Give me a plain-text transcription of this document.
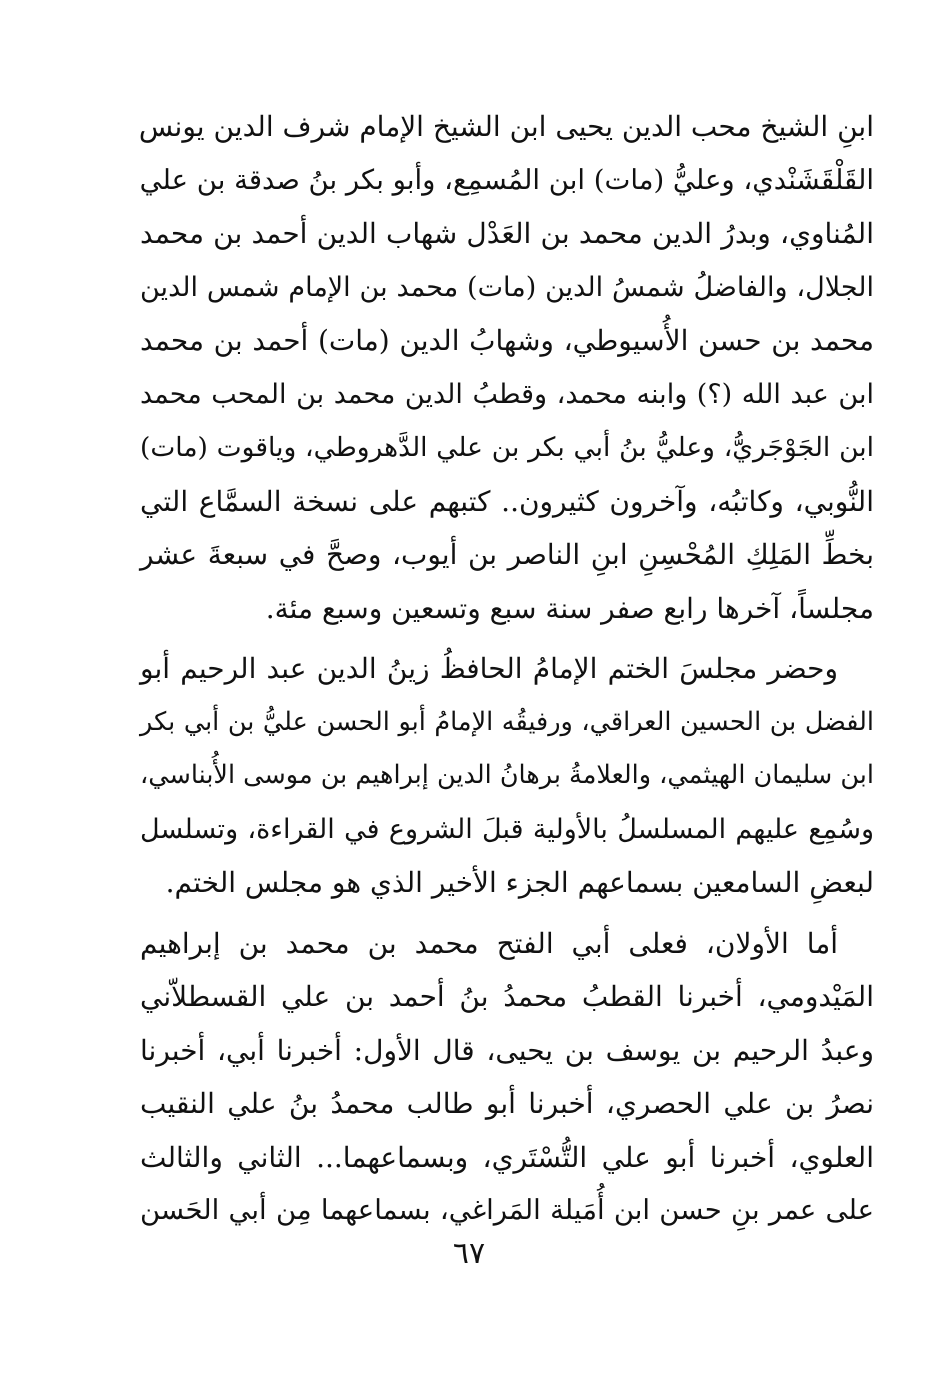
ابنِ الشيخ محب الدين يحيى ابن الشيخ الإمام شرف الدين يونس
القَلْقَشَنْدي، وعليُّ (مات) ابن المُسمِع، وأبو بكر بنُ صدقة بن علي
المُناوي، وبدرُ الدين محمد بن العَدْل شهاب الدين أحمد بن محمد
الجلال، والفاضلُ شمسُ الدين (مات) محمد بن الإمام شمس الدين
محمد بن حسن الأُسيوطي، وشهابُ الدين (مات) أحمد بن محمد
ابن عبد الله (؟) وابنه محمد، وقطبُ الدين محمد بن المحب محمد
ابن الجَوْجَريُّ، وعليُّ بنُ أبي بكر بن علي الدَّهروطي، وياقوت (مات)
النُّوبي، وكاتبُه، وآخرون كثيرون.. كتبهم على نسخة السمَّاع التي
بخطِّ المَلِكِ المُحْسِنِ ابنِ الناصر بن أيوب، وصحَّ في سبعةَ عشر
مجلساً، آخرها رابع صفر سنة سبع وتسعين وسبع مئة.

وحضر مجلسَ الختم الإمامُ الحافظُ زينُ الدين عبد الرحيم أبو
الفضل بن الحسين العراقي، ورفيقُه الإمامُ أبو الحسن عليُّ بن أبي بكر
ابن سليمان الهيثمي، والعلامةُ برهانُ الدين إبراهيم بن موسى الأُبناسي،
وسُمِع عليهم المسلسلُ بالأولية قبلَ الشروع في القراءة، وتسلسل
لبعضِ السامعين بسماعهم الجزء الأخير الذي هو مجلس الختم.

أما الأولان، فعلى أبي الفتح محمد بن محمد بن إبراهيم
المَيْدومي، أخبرنا القطبُ محمدُ بنُ أحمد بن علي القسطلاّني
وعبدُ الرحيم بن يوسف بن يحيى، قال الأول: أخبرنا أبي، أخبرنا
نصرُ بن علي الحصري، أخبرنا أبو طالب محمدُ بنُ علي النقيب
العلوي، أخبرنا أبو علي التُّسْتَري، وبسماعهما... الثاني والثالث
على عمر بنِ حسن ابن أُمَيلة المَراغي، بسماعهما مِن أبي الحَسن

٦٧
